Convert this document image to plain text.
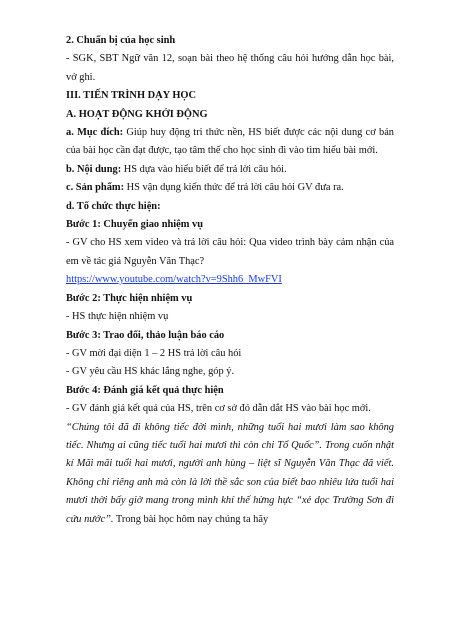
2. Chuẩn bị của học sinh

- SGK, SBT Ngữ văn 12, soạn bài theo hệ thống câu hỏi hướng dẫn học bài, vở ghi.

III. TIẾN TRÌNH DẠY HỌC

A. HOẠT ĐỘNG KHỞI ĐỘNG

a. Mục đích: Giúp huy động tri thức nền, HS biết được các nội dung cơ bản của bài học cần đạt được, tạo tâm thế cho học sinh đi vào tìm hiểu bài mới.

b. Nội dung: HS dựa vào hiểu biết để trả lời câu hỏi.

c. Sản phẩm: HS vận dụng kiến thức để trả lời câu hỏi GV đưa ra.

d. Tổ chức thực hiện:

Bước 1: Chuyển giao nhiệm vụ

- GV cho HS xem video và trả lời câu hỏi: Qua video trình bày cảm nhận của em về tác giả Nguyễn Văn Thạc?

https://www.youtube.com/watch?v=9Shh6_MwFVI

Bước 2: Thực hiện nhiệm vụ

- HS thực hiện nhiệm vụ

Bước 3: Trao đổi, thảo luận báo cáo

- GV mời đại diện 1 – 2 HS trả lời câu hỏi

- GV yêu cầu HS khác lắng nghe, góp ý.

Bước 4: Đánh giá kết quả thực hiện

- GV đánh giá kết quả của HS, trên cơ sở đó dẫn dắt HS vào bài học mới.

“Chúng tôi đã đi không tiếc đời mình, những tuổi hai mươi làm sao không tiếc. Nhưng ai cũng tiếc tuổi hai mươi thì còn chi Tổ Quốc”. Trong cuốn nhật kí Mãi mãi tuổi hai mươi, người anh hùng – liệt sĩ Nguyễn Văn Thạc đã viết. Không chỉ riêng anh mà còn là lời thề sắc son của biết bao nhiêu lứa tuổi hai mươi thời bấy giờ mang trong mình khí thế hừng hực “xẻ dọc Trường Sơn đi cứu nước”. Trong bài học hôm nay chúng ta hãy
